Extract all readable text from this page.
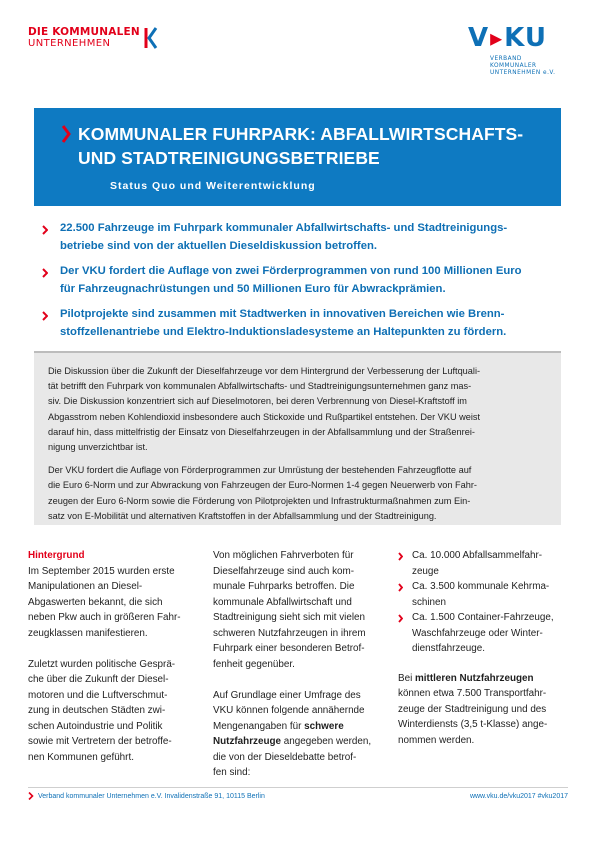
DIE KOMMUNALEN
UNTERNEHMEN	V ▸ KU
VERBAND KOMMUNALER
UNTERNEHMEN e.V.
KOMMUNALER FUHRPARK: ABFALLWIRTSCHAFTS-
UND STADTREINIGUNGSBETRIEBE
Status Quo und Weiterentwicklung
22.500 Fahrzeuge im Fuhrpark kommunaler Abfallwirtschafts- und Stadtreinigungs-
betriebe sind von der aktuellen Dieseldiskussion betroffen.
Der VKU fordert die Auflage von zwei Förderprogrammen von rund 100 Millionen Euro
für Fahrzeugnachrüstungen und 50 Millionen Euro für Abwrackprämien.
Pilotprojekte sind zusammen mit Stadtwerken in innovativen Bereichen wie Brenn-
stoffzellenantriebe und Elektro-Induktionsladesysteme an Haltepunkten zu fördern.

Die Diskussion über die Zukunft der Dieselfahrzeuge vor dem Hintergrund der Verbesserung der Luftquali-
tät betrifft den Fuhrpark von kommunalen Abfallwirtschafts- und Stadtreinigungsunternehmen ganz mas-
siv. Die Diskussion konzentriert sich auf Dieselmotoren, bei deren Verbrennung von Diesel-Kraftstoff im
Abgasstrom neben Kohlendioxid insbesondere auch Stickoxide und Rußpartikel entstehen. Der VKU weist
darauf hin, dass mittelfristig der Einsatz von Dieselfahrzeugen in der Abfallsammlung und der Straßenrei-
nigung unverzichtbar ist.

Der VKU fordert die Auflage von Förderprogrammen zur Umrüstung der bestehenden Fahrzeugflotte auf
die Euro 6-Norm und zur Abwrackung von Fahrzeugen der Euro-Normen 1-4 gegen Neuerwerb von Fahr-
zeugen der Euro 6-Norm sowie die Förderung von Pilotprojekten und Infrastrukturmaßnahmen zum Ein-
satz von E-Mobilität und alternativen Kraftstoffen in der Abfallsammlung und der Stadtreinigung.

Hintergrund

Im September 2015 wurden erste
Manipulationen an Diesel-
Abgaswerten bekannt, die sich
neben Pkw auch in größeren Fahr-
zeugklassen manifestieren.

Zuletzt wurden politische Gesprä-
che über die Zukunft der Diesel-
motoren und die Luftverschmut-
zung in deutschen Städten zwi-
schen Autoindustrie und Politik
sowie mit Vertretern der betroffe-
nen Kommunen geführt.

Von möglichen Fahrverboten für
Dieselfahrzeuge sind auch kom-
munale Fuhrparks betroffen. Die
kommunale Abfallwirtschaft und
Stadtreinigung sieht sich mit vielen
schweren Nutzfahrzeugen in ihrem
Fuhrpark einer besonderen Betrof-
fenheit gegenüber.

Auf Grundlage einer Umfrage des
VKU können folgende annähernde
Mengenangaben für schwere
Nutzfahrzeuge angegeben werden,
die von der Dieseldebatte betrof-
fen sind:

Ca. 10.000 Abfallsammelfahr-
zeuge
Ca. 3.500 kommunale Kehrma-
schinen
Ca. 1.500 Container-Fahrzeuge,
Waschfahrzeuge oder Winter-
dienstfahrzeuge.

Bei mittleren Nutzfahrzeugen
können etwa 7.500 Transportfahr-
zeuge der Stadtreinigung und des
Winterdiensts (3,5 t-Klasse) ange-
nommen werden.

Verband kommunaler Unternehmen e.V. Invalidenstraße 91, 10115 Berlin	www.vku.de/vku2017 #vku2017
